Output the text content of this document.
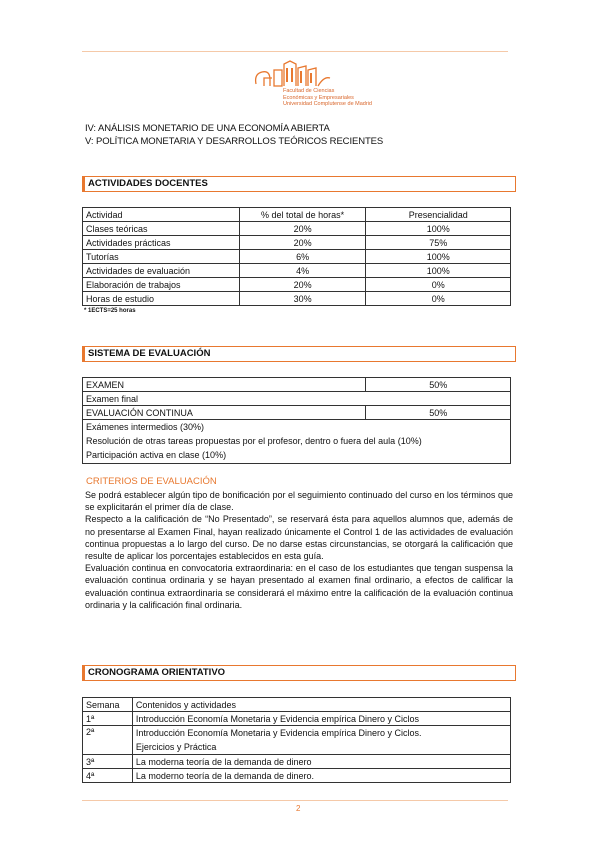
Facultad de Ciencias
Económicas y Empresariales
Universidad Complutense de Madrid
IV: ANÁLISIS MONETARIO DE UNA ECONOMÍA ABIERTA
V: POLÍTICA MONETARIA Y DESARROLLOS TEÓRICOS RECIENTES
ACTIVIDADES DOCENTES
Actividad	% del total de horas*	Presencialidad
Clases teóricas	20%	100%
Actividades prácticas	20%	75%
Tutorías	6%	100%
Actividades de evaluación	4%	100%
Elaboración de trabajos	20%	0%
Horas de estudio	30%	0%
* 1ECTS=25 horas
SISTEMA DE EVALUACIÓN
EXAMEN	50%
Examen final	
EVALUACIÓN CONTINUA	50%

Exámenes intermedios (30%)
Resolución de otras tareas propuestas por el profesor, dentro o fuera del aula (10%)
Participación activa en clase (10%)	
CRITERIOS DE EVALUACIÓN

Se podrá establecer algún tipo de bonificación por el seguimiento continuado del curso en los términos que se explicitarán el primer día de clase.

Respecto a la calificación de “No Presentado”, se reservará ésta para aquellos alumnos que, además de no presentarse al Examen Final, hayan realizado únicamente el Control 1 de las actividades de evaluación continua propuestas a lo largo del curso. De no darse estas circunstancias, se otorgará la calificación que resulte de aplicar los porcentajes establecidos en esta guía.

Evaluación continua en convocatoria extraordinaria: en el caso de los estudiantes que tengan suspensa la evaluación continua ordinaria y se hayan presentado al examen final ordinario, a efectos de calificar la evaluación continua extraordinaria se considerará el máximo entre la calificación de la evaluación continua ordinaria y la calificación final ordinaria.

CRONOGRAMA ORIENTATIVO
Semana	Contenidos y actividades
1ª	Introducción Economía Monetaria y Evidencia empírica Dinero y Ciclos
2ª	Introducción Economía Monetaria y Evidencia empírica Dinero y Ciclos.
Ejercicios y Práctica

3ª	La moderna teoría de la demanda de dinero
4ª	La moderno teoría de la demanda de dinero.
2
